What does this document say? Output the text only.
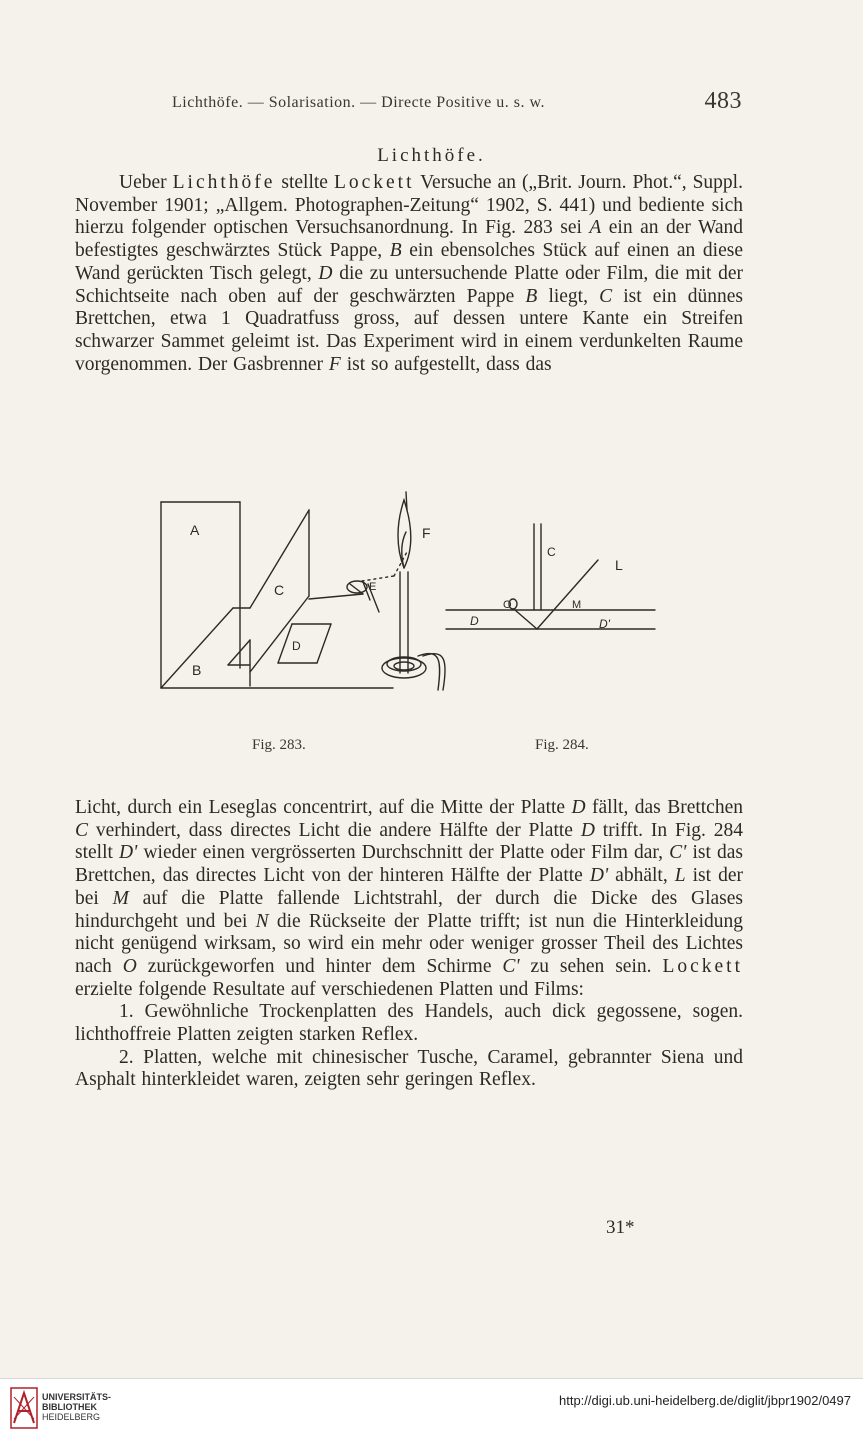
Lichthöfe. — Solarisation. — Directe Positive u. s. w.	483
Lichthöfe.

Ueber Lichthöfe stellte Lockett Versuche an („Brit. Journ. Phot.“, Suppl. November 1901; „Allgem. Photographen-Zeitung“ 1902, S. 441) und bediente sich hierzu folgender optischen Versuchsanordnung. In Fig. 283 sei A ein an der Wand befestigtes geschwärztes Stück Pappe, B ein ebensolches Stück auf einen an diese Wand gerückten Tisch gelegt, D die zu untersuchende Platte oder Film, die mit der Schichtseite nach oben auf der geschwärzten Pappe B liegt, C ist ein dünnes Brettchen, etwa 1 Quadratfuss gross, auf dessen untere Kante ein Streifen schwarzer Sammet geleimt ist. Das Experiment wird in einem verdunkelten Raume vorgenommen. Der Gasbrenner F ist so aufgestellt, dass das

A
B
C
D
E
F
C
L
O	M
D	D'
Fig. 283.	Fig. 284.

Licht, durch ein Leseglas concentrirt, auf die Mitte der Platte D fällt, das Brettchen C verhindert, dass directes Licht die andere Hälfte der Platte D trifft. In Fig. 284 stellt D' wieder einen vergrösserten Durchschnitt der Platte oder Film dar, C' ist das Brettchen, das directes Licht von der hinteren Hälfte der Platte D' abhält, L ist der bei M auf die Platte fallende Lichtstrahl, der durch die Dicke des Glases hindurchgeht und bei N die Rückseite der Platte trifft; ist nun die Hinterkleidung nicht genügend wirksam, so wird ein mehr oder weniger grosser Theil des Lichtes nach O zurückgeworfen und hinter dem Schirme C' zu sehen sein. Lockett erzielte folgende Resultate auf verschiedenen Platten und Films:

1. Gewöhnliche Trockenplatten des Handels, auch dick gegossene, sogen. lichthoffreie Platten zeigten starken Reflex.

2. Platten, welche mit chinesischer Tusche, Caramel, gebrannter Siena und Asphalt hinterkleidet waren, zeigten sehr geringen Reflex.

31*
UNIVERSITÄTS-
BIBLIOTHEK
HEIDELBERG
http://digi.ub.uni-heidelberg.de/diglit/jbpr1902/0497
